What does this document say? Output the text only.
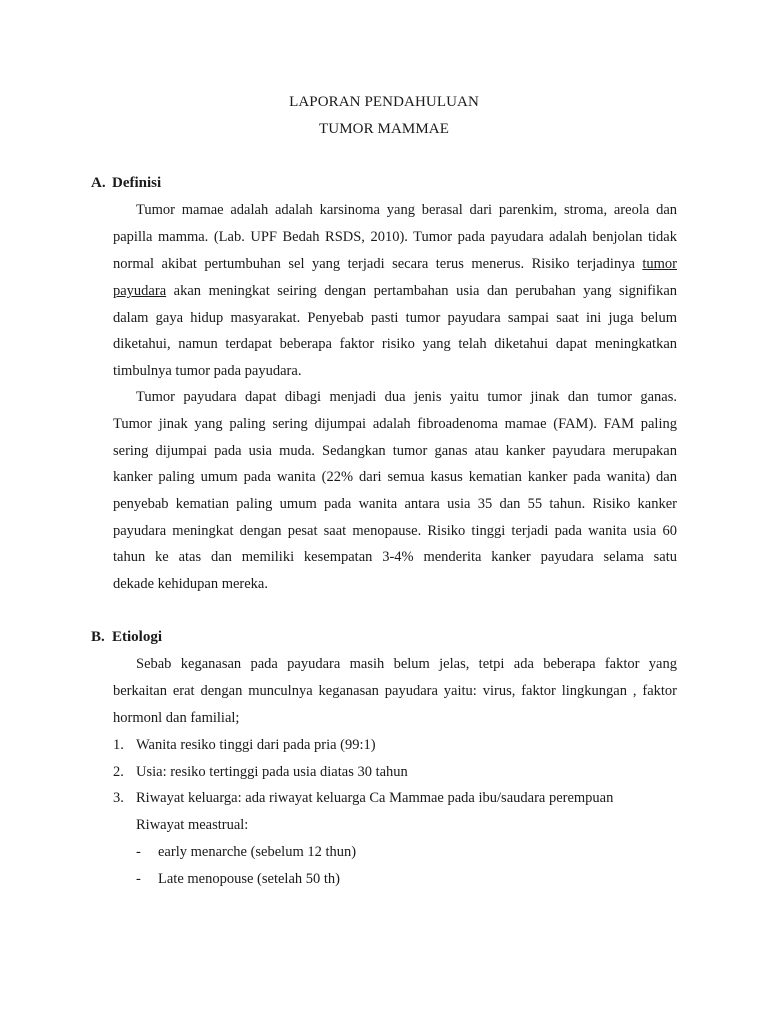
LAPORAN PENDAHULUAN
TUMOR MAMMAE
A. Definisi
Tumor mamae adalah adalah karsinoma yang berasal dari parenkim, stroma, areola dan
papilla mamma. (Lab. UPF Bedah RSDS, 2010). Tumor pada payudara adalah benjolan tidak
normal akibat pertumbuhan sel yang terjadi secara terus menerus. Risiko terjadinya tumor
payudara akan meningkat seiring dengan pertambahan usia dan perubahan yang signifikan
dalam gaya hidup masyarakat. Penyebab pasti tumor payudara sampai saat ini juga belum
diketahui, namun terdapat beberapa faktor risiko yang telah diketahui dapat meningkatkan
timbulnya tumor pada payudara.
Tumor payudara dapat dibagi menjadi dua jenis yaitu tumor jinak dan tumor ganas.
Tumor jinak yang paling sering dijumpai adalah fibroadenoma mamae (FAM). FAM paling
sering dijumpai pada usia muda. Sedangkan tumor ganas atau kanker payudara merupakan
kanker paling umum pada wanita (22% dari semua kasus kematian kanker pada wanita) dan
penyebab kematian paling umum pada wanita antara usia 35 dan 55 tahun. Risiko kanker
payudara meningkat dengan pesat saat menopause. Risiko tinggi terjadi pada wanita usia 60
tahun ke atas dan memiliki kesempatan 3-4% menderita kanker payudara selama satu
dekade kehidupan mereka.
B. Etiologi
Sebab keganasan pada payudara masih belum jelas, tetpi ada beberapa faktor yang
berkaitan erat dengan munculnya keganasan payudara yaitu: virus, faktor lingkungan , faktor
hormonl dan familial;
1. Wanita resiko tinggi dari pada pria (99:1)
2. Usia: resiko tertinggi pada usia diatas 30 tahun
3. Riwayat keluarga: ada riwayat keluarga Ca Mammae pada ibu/saudara perempuan
Riwayat meastrual:
- early menarche (sebelum 12 thun)
- Late menopouse (setelah 50 th)
